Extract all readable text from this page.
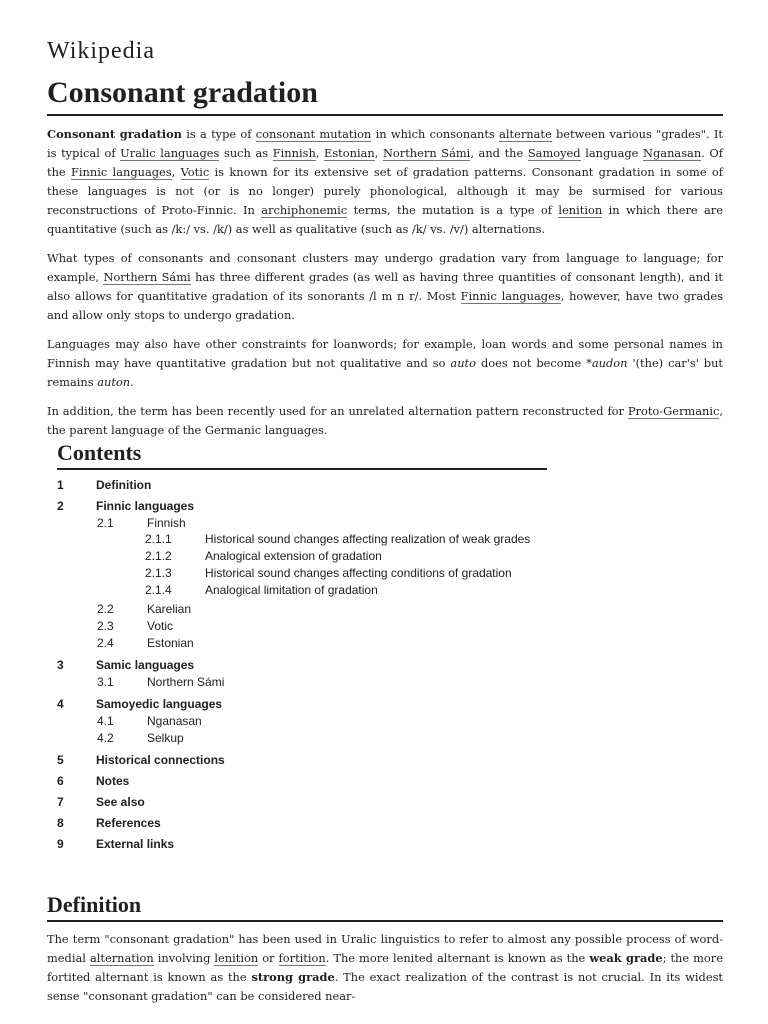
Wikipedia
Consonant gradation

Consonant gradation is a type of consonant mutation in which consonants alternate between various "grades". It is typical of Uralic languages such as Finnish, Estonian, Northern Sámi, and the Samoyed language Nganasan. Of the Finnic languages, Votic is known for its extensive set of gradation patterns. Consonant gradation in some of these languages is not (or is no longer) purely phonological, although it may be surmised for various reconstructions of Proto-Finnic. In archiphonemic terms, the mutation is a type of lenition in which there are quantitative (such as /kː/ vs. /k/) as well as qualitative (such as /k/ vs. /v/) alternations.

What types of consonants and consonant clusters may undergo gradation vary from language to language; for example, Northern Sámi has three different grades (as well as having three quantities of consonant length), and it also allows for quantitative gradation of its sonorants /l m n r/. Most Finnic languages, however, have two grades and allow only stops to undergo gradation.

Languages may also have other constraints for loanwords; for example, loan words and some personal names in Finnish may have quantitative gradation but not qualitative and so auto does not become *audon '(the) car's' but remains auton.

In addition, the term has been recently used for an unrelated alternation pattern reconstructed for Proto-Germanic, the parent language of the Germanic languages.

Contents
1	Definition
2	Finnic languages
2.1	Finnish
2.1.1	Historical sound changes affecting realization of weak grades
2.1.2	Analogical extension of gradation
2.1.3	Historical sound changes affecting conditions of gradation
2.1.4	Analogical limitation of gradation
2.2	Karelian
2.3	Votic
2.4	Estonian
3	Samic languages
3.1	Northern Sámi
4	Samoyedic languages
4.1	Nganasan
4.2	Selkup
5	Historical connections
6	Notes
7	See also
8	References
9	External links
Definition

The term "consonant gradation" has been used in Uralic linguistics to refer to almost any possible process of word-medial alternation involving lenition or fortition. The more lenited alternant is known as the weak grade; the more fortited alternant is known as the strong grade. The exact realization of the contrast is not crucial. In its widest sense "consonant gradation" can be considered near-
